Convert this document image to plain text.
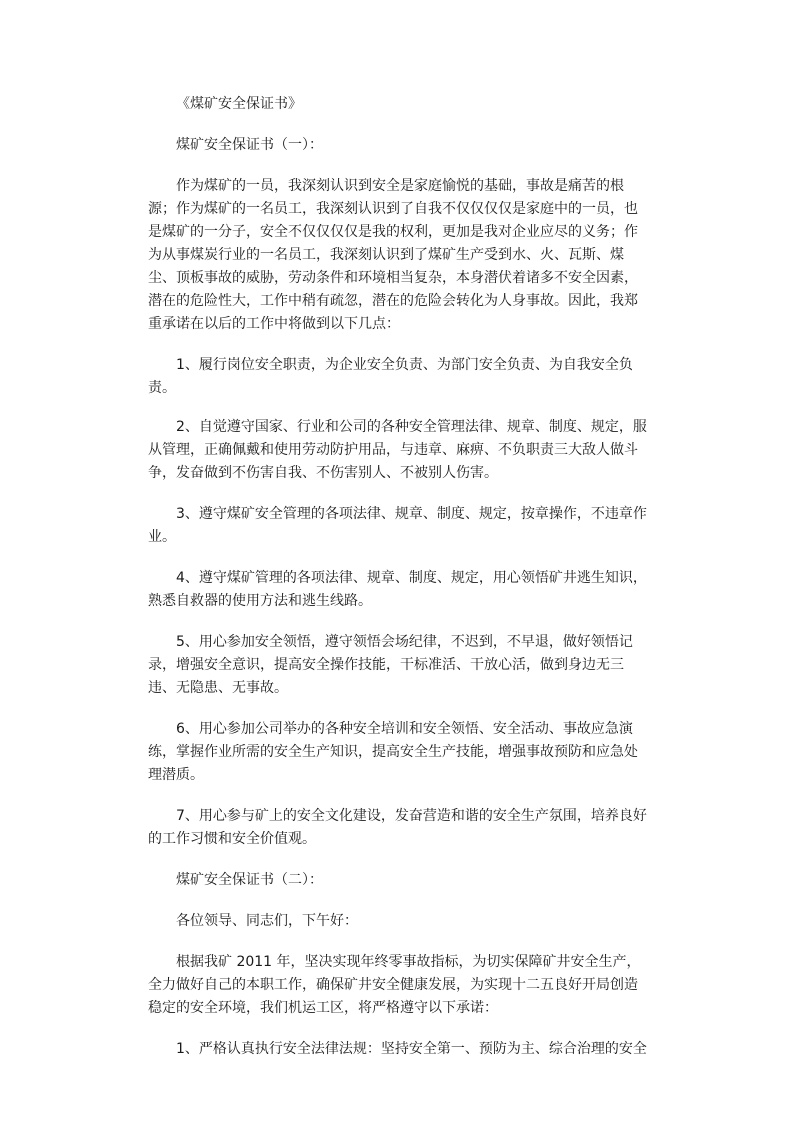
《煤矿安全保证书》

煤矿安全保证书（一）：

作为煤矿的一员，我深刻认识到安全是家庭愉悦的基础，事故是痛苦的根源；作为煤矿的一名员工，我深刻认识到了自我不仅仅仅仅是家庭中的一员，也是煤矿的一分子，安全不仅仅仅仅是我的权利，更加是我对企业应尽的义务；作为从事煤炭行业的一名员工，我深刻认识到了煤矿生产受到水、火、瓦斯、煤尘、顶板事故的威胁，劳动条件和环境相当复杂，本身潜伏着诸多不安全因素，潜在的危险性大，工作中稍有疏忽，潜在的危险会转化为人身事故。因此，我郑重承诺在以后的工作中将做到以下几点：

1、履行岗位安全职责，为企业安全负责、为部门安全负责、为自我安全负责。

2、自觉遵守国家、行业和公司的各种安全管理法律、规章、制度、规定，服从管理，正确佩戴和使用劳动防护用品，与违章、麻痹、不负职责三大敌人做斗争，发奋做到不伤害自我、不伤害别人、不被别人伤害。

3、遵守煤矿安全管理的各项法律、规章、制度、规定，按章操作，不违章作业。

4、遵守煤矿管理的各项法律、规章、制度、规定，用心领悟矿井逃生知识，熟悉自救器的使用方法和逃生线路。

5、用心参加安全领悟，遵守领悟会场纪律，不迟到，不早退，做好领悟记录，增强安全意识，提高安全操作技能，干标准活、干放心活，做到身边无三违、无隐患、无事故。

6、用心参加公司举办的各种安全培训和安全领悟、安全活动、事故应急演练，掌握作业所需的安全生产知识，提高安全生产技能，增强事故预防和应急处理潜质。

7、用心参与矿上的安全文化建设，发奋营造和谐的安全生产氛围，培养良好的工作习惯和安全价值观。

煤矿安全保证书（二）：

各位领导、同志们，下午好：

根据我矿 2011 年，坚决实现年终零事故指标，为切实保障矿井安全生产，全力做好自己的本职工作，确保矿井安全健康发展，为实现十二五良好开局创造稳定的安全环境，我们机运工区，将严格遵守以下承诺：

1、严格认真执行安全法律法规：坚持安全第一、预防为主、综合治理的安全
